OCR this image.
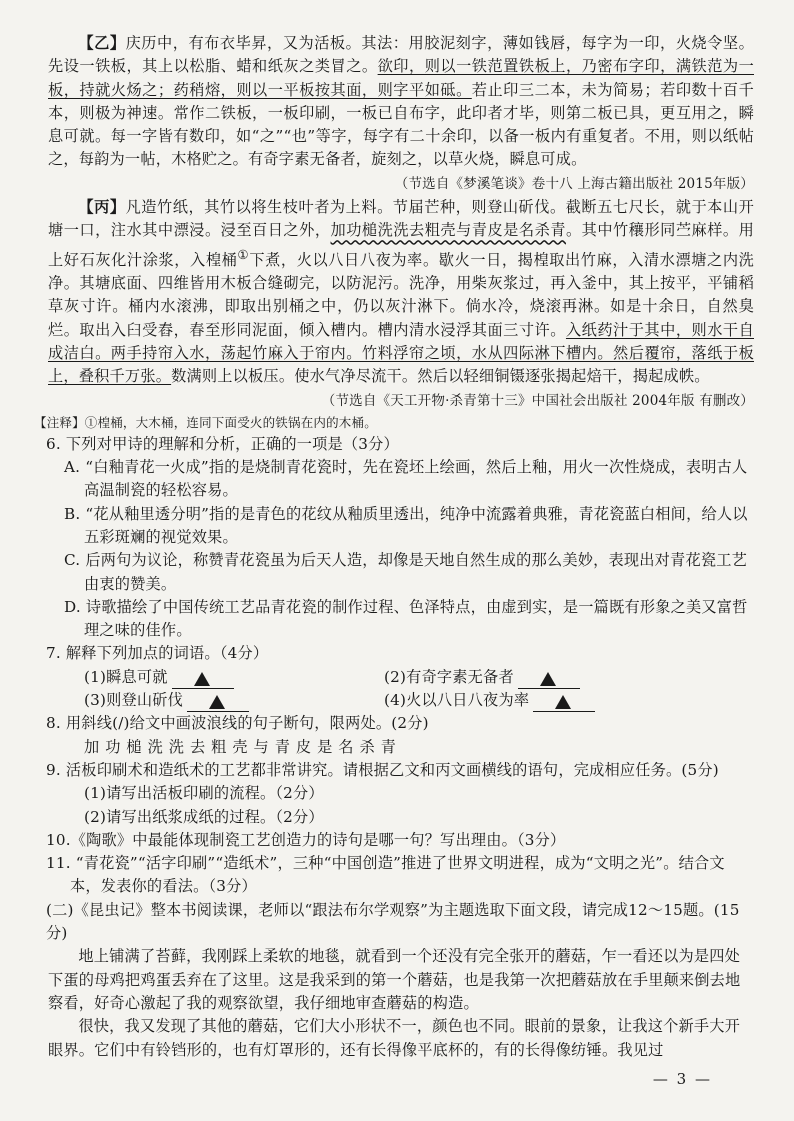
【乙】庆历中，有布衣毕昇，又为活板。其法：用胶泥刻字，薄如钱唇，每字为一印，火烧令坚。先设一铁板，其上以松脂、蜡和纸灰之类冒之。欲印，则以一铁范置铁板上，乃密布字印，满铁范为一板，持就火炀之；药稍熔，则以一平板按其面，则字平如砥。若止印三二本，未为简易；若印数十百千本，则极为神速。常作二铁板，一板印刷，一板已自布字，此印者才毕，则第二板已具，更互用之，瞬息可就。每一字皆有数印，如“之”“也”等字，每字有二十余印，以备一板内有重复者。不用，则以纸帖之，每韵为一帖，木格贮之。有奇字素无备者，旋刻之，以草火烧，瞬息可成。

（节选自《梦溪笔谈》卷十八 上海古籍出版社 2015年版）

【丙】凡造竹纸，其竹以将生枝叶者为上料。节届芒种，则登山斫伐。截断五七尺长，就于本山开塘一口，注水其中漂浸。浸至百日之外，加功槌洗洗去粗壳与青皮是名杀青。其中竹穰形同苎麻样。用上好石灰化汁涂浆，入楻桶①下煮，火以八日八夜为率。歇火一日，揭楻取出竹麻，入清水漂塘之内洗净。其塘底面、四维皆用木板合缝砌完，以防泥污。洗净，用柴灰浆过，再入釜中，其上按平，平铺稻草灰寸许。桶内水滚沸，即取出别桶之中，仍以灰汁淋下。倘水冷，烧滚再淋。如是十余日，自然臭烂。取出入臼受舂，春至形同泥面，倾入槽内。槽内清水浸浮其面三寸许。入纸药汁于其中，则水干自成洁白。两手持帘入水，荡起竹麻入于帘内。竹料浮帘之顷，水从四际淋下槽内。然后覆帘，落纸于板上，叠积千万张。数满则上以板压。使水气净尽流干。然后以轻细铜镊逐张揭起焙干，揭起成帙。

（节选自《天工开物·杀青第十三》中国社会出版社 2004年版 有删改）

【注释】①楻桶，大木桶，连同下面受火的铁锅在内的木桶。

6. 下列对甲诗的理解和分析，正确的一项是（3分）

A. “白釉青花一火成”指的是烧制青花瓷时，先在瓷坯上绘画，然后上釉，用火一次性烧成，表明古人高温制瓷的轻松容易。

B. “花从釉里透分明”指的是青色的花纹从釉质里透出，纯净中流露着典雅，青花瓷蓝白相间，给人以五彩斑斓的视觉效果。

C. 后两句为议论，称赞青花瓷虽为后天人造，却像是天地自然生成的那么美妙，表现出对青花瓷工艺由衷的赞美。

D. 诗歌描绘了中国传统工艺品青花瓷的制作过程、色泽特点，由虚到实，是一篇既有形象之美又富哲理之味的佳作。

7. 解释下列加点的词语。（4分）

(1)瞬息可就	(2)有奇字素无备者
(3)则登山斫伐	(4)火以八日八夜为率

8. 用斜线(/)给文中画波浪线的句子断句，限两处。(2分)

加功槌洗洗去粗壳与青皮是名杀青

9. 活板印刷术和造纸术的工艺都非常讲究。请根据乙文和丙文画横线的语句，完成相应任务。(5分)

(1)请写出活板印刷的流程。（2分）

(2)请写出纸浆成纸的过程。（2分）

10.《陶歌》中最能体现制瓷工艺创造力的诗句是哪一句？写出理由。（3分）

11. “青花瓷”“活字印刷”“造纸术”，三种“中国创造”推进了世界文明进程，成为“文明之光”。结合文本，发表你的看法。（3分）

(二)《昆虫记》整本书阅读课，老师以“跟法布尔学观察”为主题选取下面文段，请完成12～15题。(15分)

地上铺满了苔藓，我刚踩上柔软的地毯，就看到一个还没有完全张开的蘑菇，乍一看还以为是四处下蛋的母鸡把鸡蛋丢弃在了这里。这是我采到的第一个蘑菇，也是我第一次把蘑菇放在手里颠来倒去地察看，好奇心激起了我的观察欲望，我仔细地审查蘑菇的构造。

很快，我又发现了其他的蘑菇，它们大小形状不一，颜色也不同。眼前的景象，让我这个新手大开眼界。它们中有铃铛形的，也有灯罩形的，还有长得像平底杯的，有的长得像纺锤。我见过

— 3 —
